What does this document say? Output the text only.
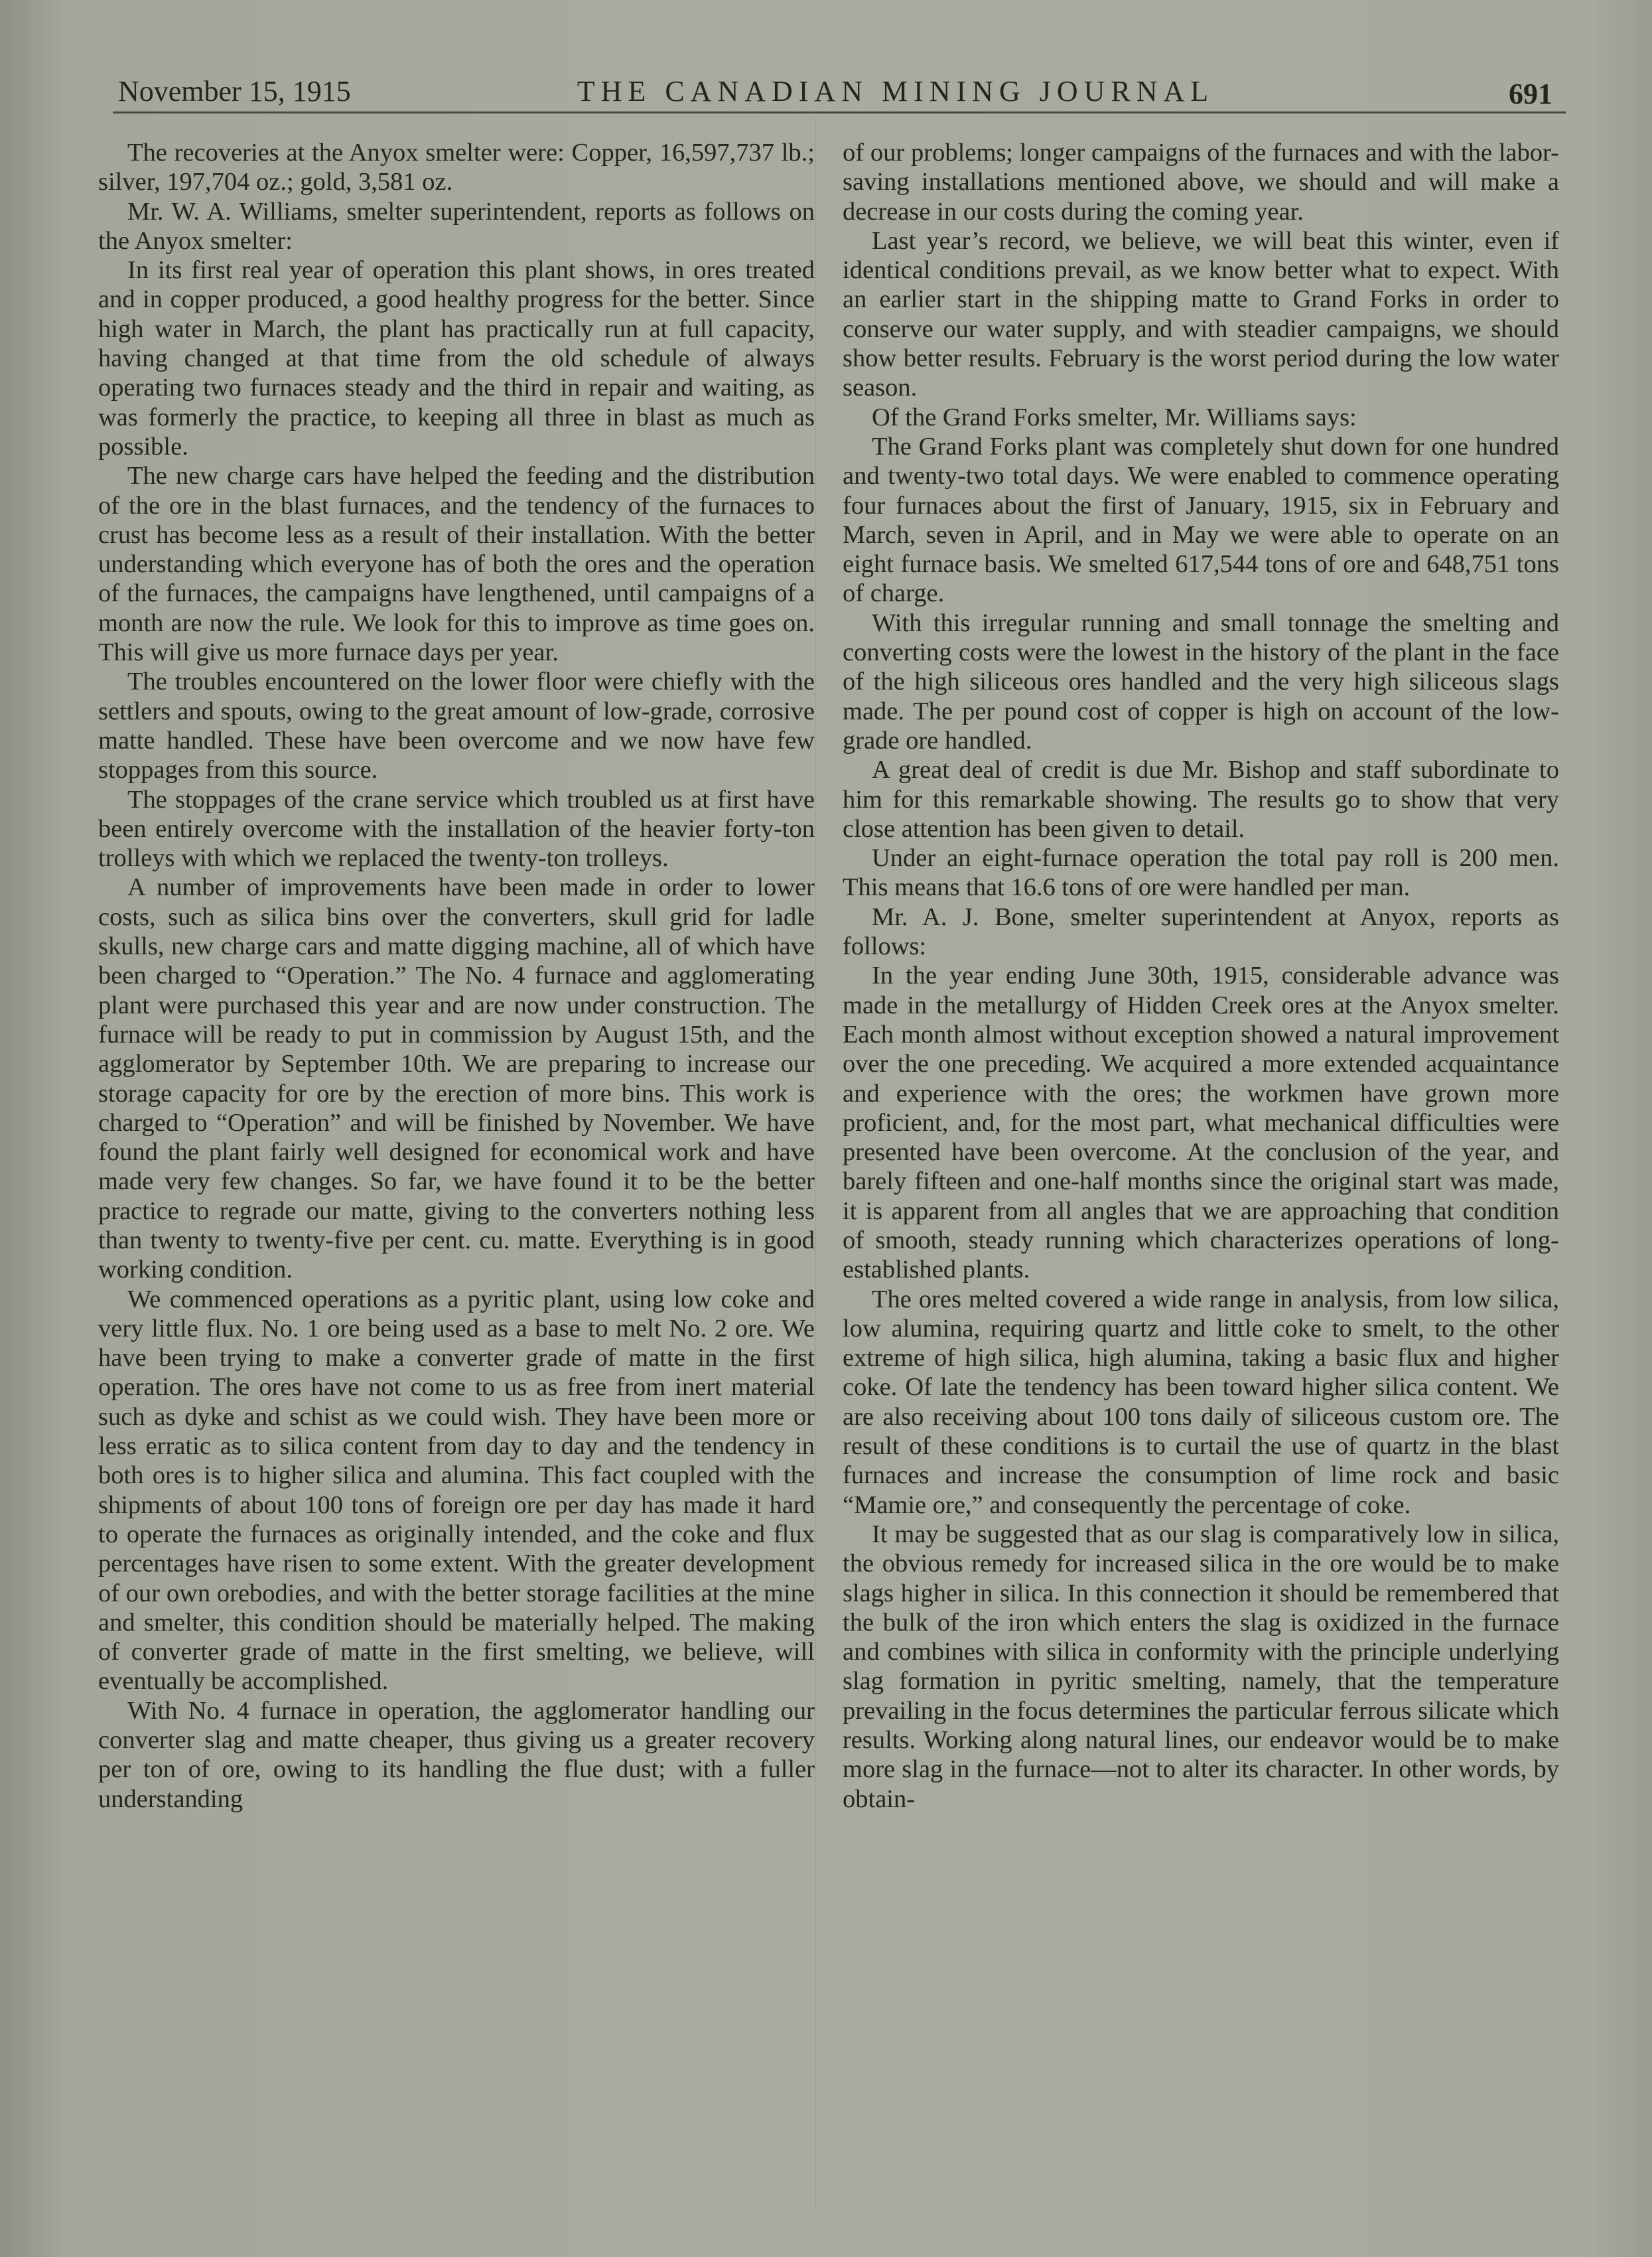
November 15, 1915	THE CANADIAN MINING JOURNAL	691

The recoveries at the Anyox smelter were: Copper, 16,597,737 lb.; silver, 197,704 oz.; gold, 3,581 oz.

Mr. W. A. Williams, smelter superintendent, reports as follows on the Anyox smelter:

In its first real year of operation this plant shows, in ores treated and in copper produced, a good healthy progress for the better. Since high water in March, the plant has practically run at full capacity, having changed at that time from the old schedule of always operating two furnaces steady and the third in repair and waiting, as was formerly the practice, to keeping all three in blast as much as possible.

The new charge cars have helped the feeding and the distribution of the ore in the blast furnaces, and the tendency of the furnaces to crust has become less as a result of their installation. With the better understanding which everyone has of both the ores and the operation of the furnaces, the campaigns have lengthened, until campaigns of a month are now the rule. We look for this to improve as time goes on. This will give us more furnace days per year.

The troubles encountered on the lower floor were chiefly with the settlers and spouts, owing to the great amount of low-grade, corrosive matte handled. These have been overcome and we now have few stoppages from this source.

The stoppages of the crane service which troubled us at first have been entirely overcome with the installation of the heavier forty-ton trolleys with which we replaced the twenty-ton trolleys.

A number of improvements have been made in order to lower costs, such as silica bins over the converters, skull grid for ladle skulls, new charge cars and matte digging machine, all of which have been charged to “Operation.” The No. 4 furnace and agglomerating plant were purchased this year and are now under construction. The furnace will be ready to put in commission by August 15th, and the agglomerator by September 10th. We are preparing to increase our storage capacity for ore by the erection of more bins. This work is charged to “Operation” and will be finished by November. We have found the plant fairly well designed for economical work and have made very few changes. So far, we have found it to be the better practice to regrade our matte, giving to the converters nothing less than twenty to twenty-five per cent. cu. matte. Everything is in good working condition.

We commenced operations as a pyritic plant, using low coke and very little flux. No. 1 ore being used as a base to melt No. 2 ore. We have been trying to make a converter grade of matte in the first operation. The ores have not come to us as free from inert material such as dyke and schist as we could wish. They have been more or less erratic as to silica content from day to day and the tendency in both ores is to higher silica and alumina. This fact coupled with the shipments of about 100 tons of foreign ore per day has made it hard to operate the furnaces as originally intended, and the coke and flux percentages have risen to some extent. With the greater development of our own orebodies, and with the better storage facilities at the mine and smelter, this condition should be materially helped. The making of converter grade of matte in the first smelting, we believe, will eventually be accomplished.

With No. 4 furnace in operation, the agglomerator handling our converter slag and matte cheaper, thus giving us a greater recovery per ton of ore, owing to its handling the flue dust; with a fuller understanding

of our problems; longer campaigns of the furnaces and with the labor-saving installations mentioned above, we should and will make a decrease in our costs during the coming year.

Last year’s record, we believe, we will beat this winter, even if identical conditions prevail, as we know better what to expect. With an earlier start in the shipping matte to Grand Forks in order to conserve our water supply, and with steadier campaigns, we should show better results. February is the worst period during the low water season.

Of the Grand Forks smelter, Mr. Williams says:

The Grand Forks plant was completely shut down for one hundred and twenty-two total days. We were enabled to commence operating four furnaces about the first of January, 1915, six in February and March, seven in April, and in May we were able to operate on an eight furnace basis. We smelted 617,544 tons of ore and 648,751 tons of charge.

With this irregular running and small tonnage the smelting and converting costs were the lowest in the history of the plant in the face of the high siliceous ores handled and the very high siliceous slags made. The per pound cost of copper is high on account of the low-grade ore handled.

A great deal of credit is due Mr. Bishop and staff subordinate to him for this remarkable showing. The results go to show that very close attention has been given to detail.

Under an eight-furnace operation the total pay roll is 200 men. This means that 16.6 tons of ore were handled per man.

Mr. A. J. Bone, smelter superintendent at Anyox, reports as follows:

In the year ending June 30th, 1915, considerable advance was made in the metallurgy of Hidden Creek ores at the Anyox smelter. Each month almost without exception showed a natural improvement over the one preceding. We acquired a more extended acquaintance and experience with the ores; the workmen have grown more proficient, and, for the most part, what mechanical difficulties were presented have been overcome. At the conclusion of the year, and barely fifteen and one-half months since the original start was made, it is apparent from all angles that we are approaching that condition of smooth, steady running which characterizes operations of long-established plants.

The ores melted covered a wide range in analysis, from low silica, low alumina, requiring quartz and little coke to smelt, to the other extreme of high silica, high alumina, taking a basic flux and higher coke. Of late the tendency has been toward higher silica content. We are also receiving about 100 tons daily of siliceous custom ore. The result of these conditions is to curtail the use of quartz in the blast furnaces and increase the consumption of lime rock and basic “Mamie ore,” and consequently the percentage of coke.

It may be suggested that as our slag is comparatively low in silica, the obvious remedy for increased silica in the ore would be to make slags higher in silica. In this connection it should be remembered that the bulk of the iron which enters the slag is oxidized in the furnace and combines with silica in conformity with the principle underlying slag formation in pyritic smelting, namely, that the temperature prevailing in the focus determines the particular ferrous silicate which results. Working along natural lines, our endeavor would be to make more slag in the furnace—not to alter its character. In other words, by obtain-
